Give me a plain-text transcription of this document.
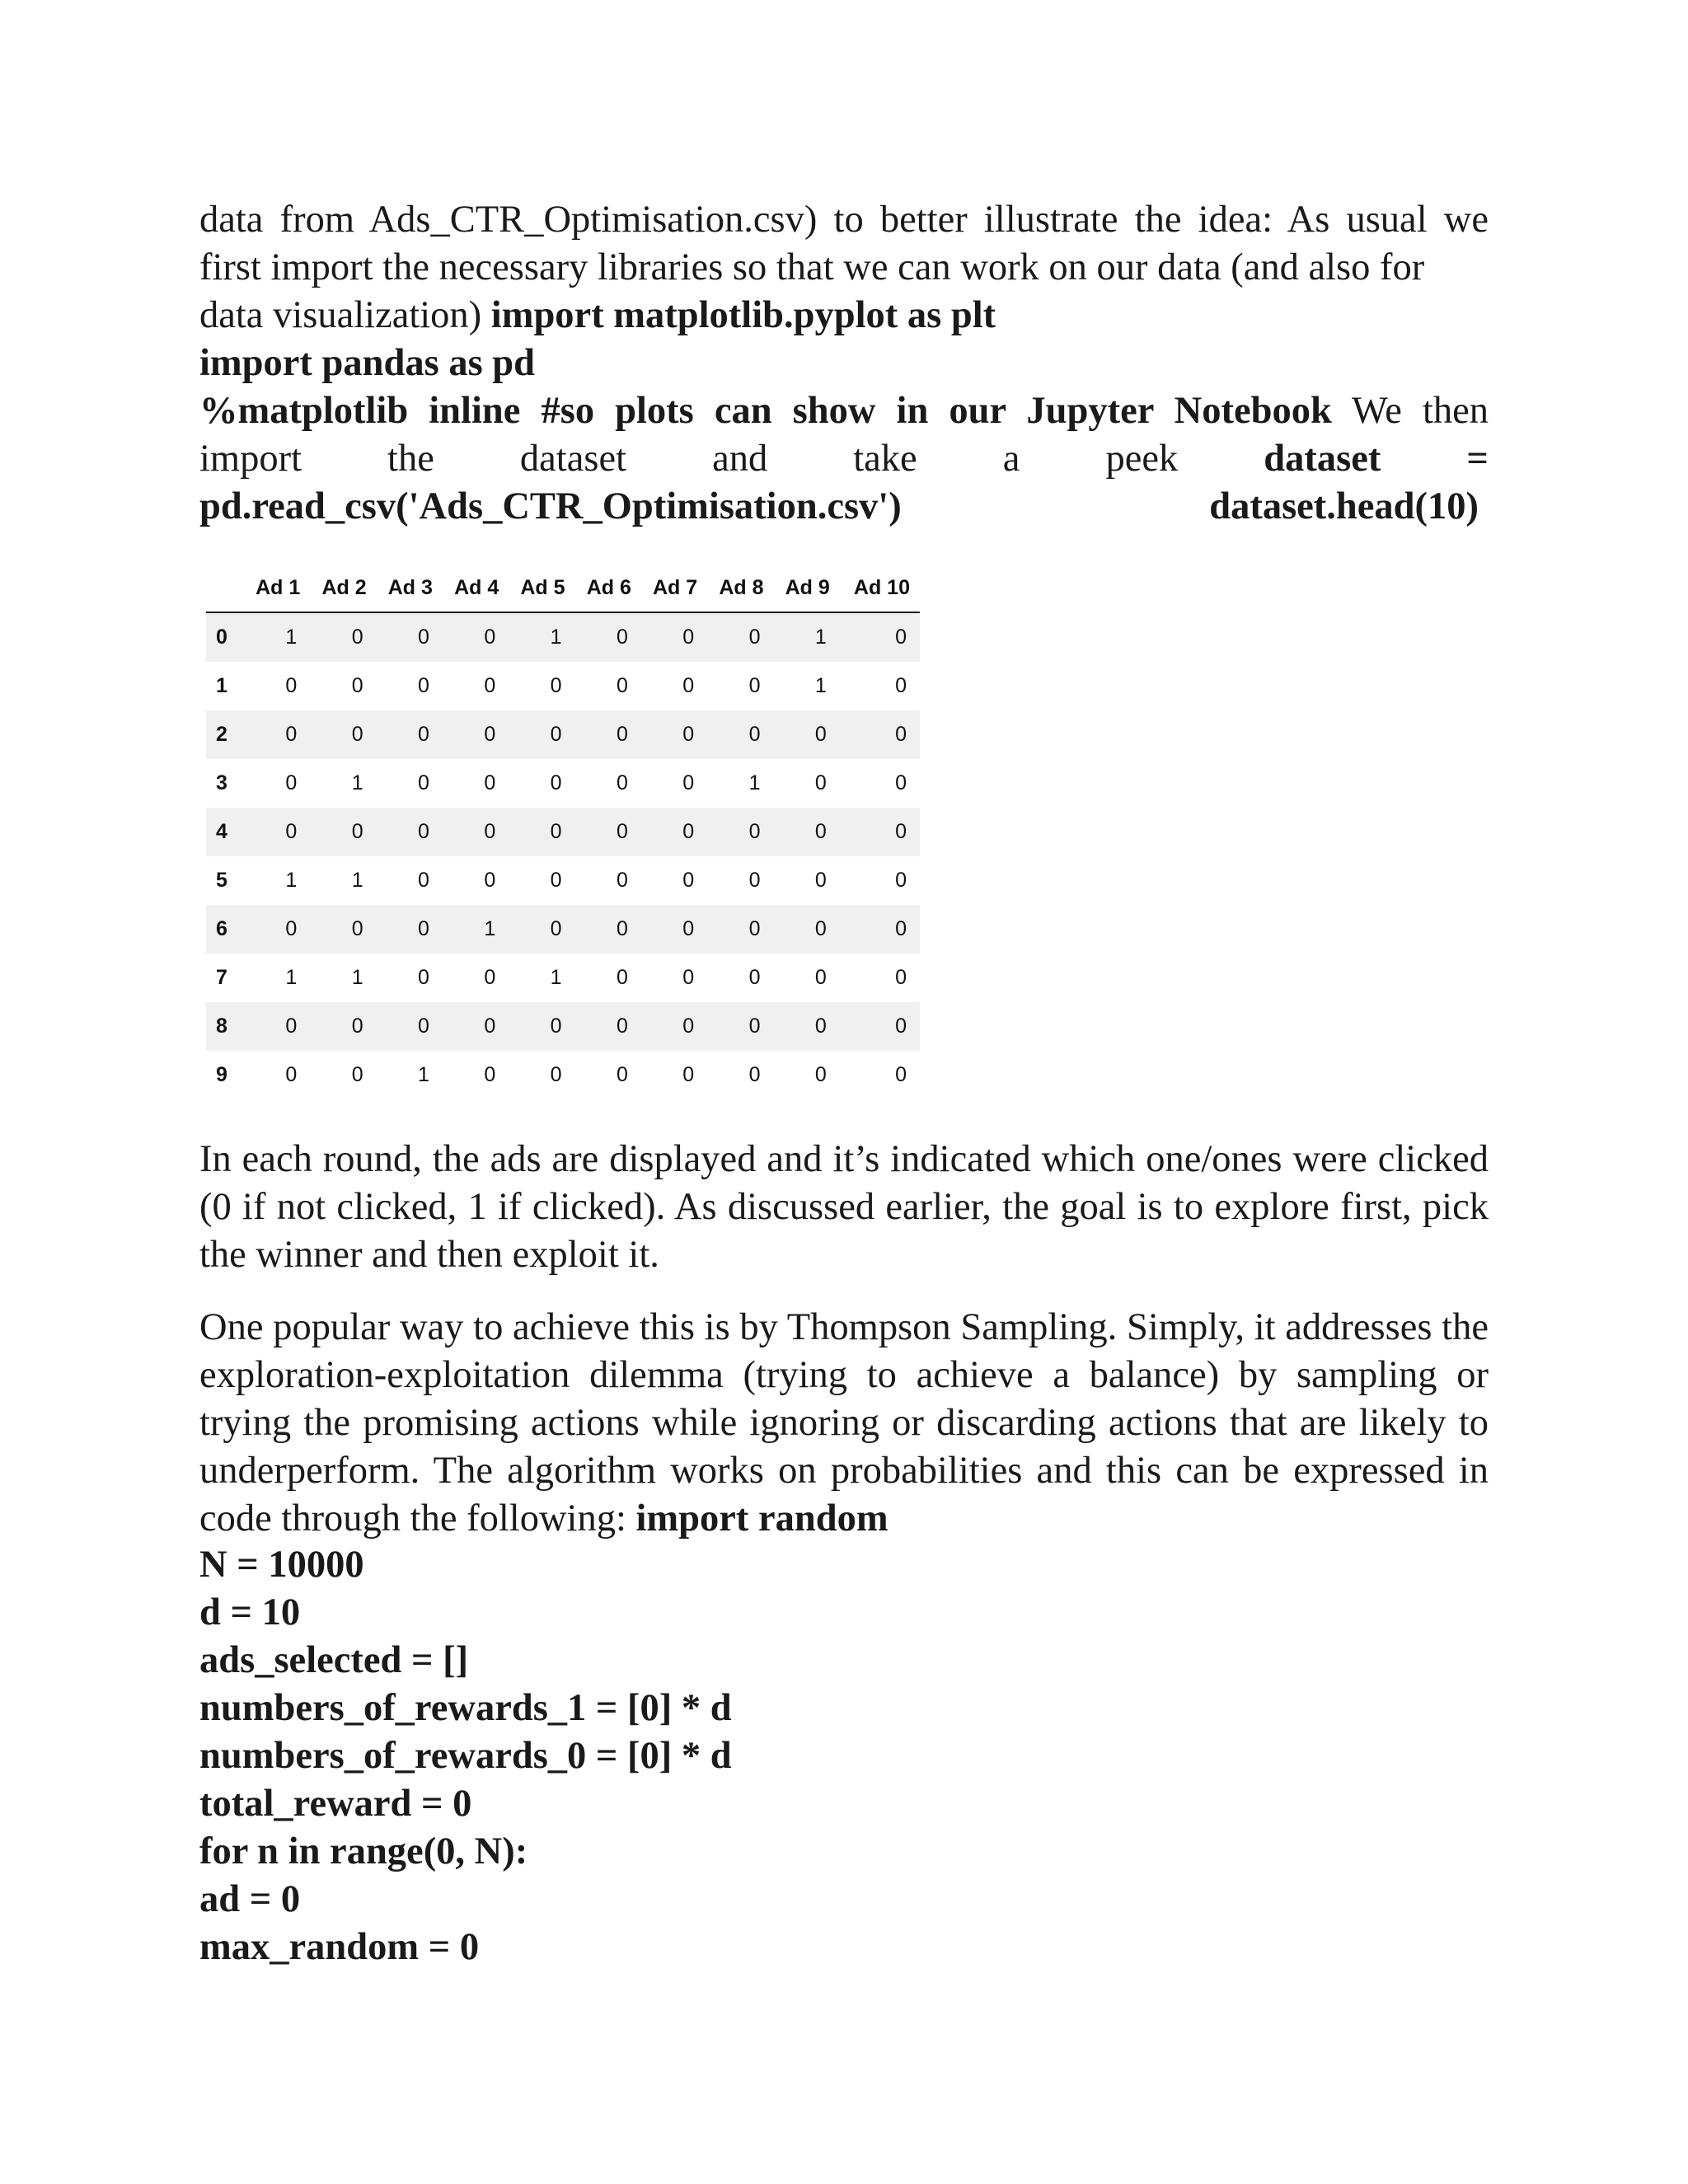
data from Ads_CTR_Optimisation.csv) to better illustrate the idea: As usual we first import the necessary libraries so that we can work on our data (and also for
data visualization) import matplotlib.pyplot as plt
import pandas as pd

%matplotlib inline #so plots can show in our Jupyter Notebook We then

import the dataset and take a peek dataset =
pd.read_csv('Ads_CTR_Optimisation.csv')	dataset.head(10)
	Ad 1	Ad 2	Ad 3	Ad 4	Ad 5	Ad 6	Ad 7	Ad 8	Ad 9	Ad 10
0	1	0	0	0	1	0	0	0	1	0
1	0	0	0	0	0	0	0	0	1	0
2	0	0	0	0	0	0	0	0	0	0
3	0	1	0	0	0	0	0	1	0	0
4	0	0	0	0	0	0	0	0	0	0
5	1	1	0	0	0	0	0	0	0	0
6	0	0	0	1	0	0	0	0	0	0
7	1	1	0	0	1	0	0	0	0	0
8	0	0	0	0	0	0	0	0	0	0
9	0	0	1	0	0	0	0	0	0	0

In each round, the ads are displayed and it’s indicated which one/ones were clicked (0 if not clicked, 1 if clicked). As discussed earlier, the goal is to explore first, pick the winner and then exploit it.

One popular way to achieve this is by Thompson Sampling. Simply, it addresses the exploration-exploitation dilemma (trying to achieve a balance) by sampling or trying the promising actions while ignoring or discarding actions that are likely to underperform. The algorithm works on probabilities and this can be expressed in code through the following: import random

N = 10000

d = 10

ads_selected = []

numbers_of_rewards_1 = [0] * d

numbers_of_rewards_0 = [0] * d

total_reward = 0

for n in range(0, N):

ad = 0

max_random = 0
